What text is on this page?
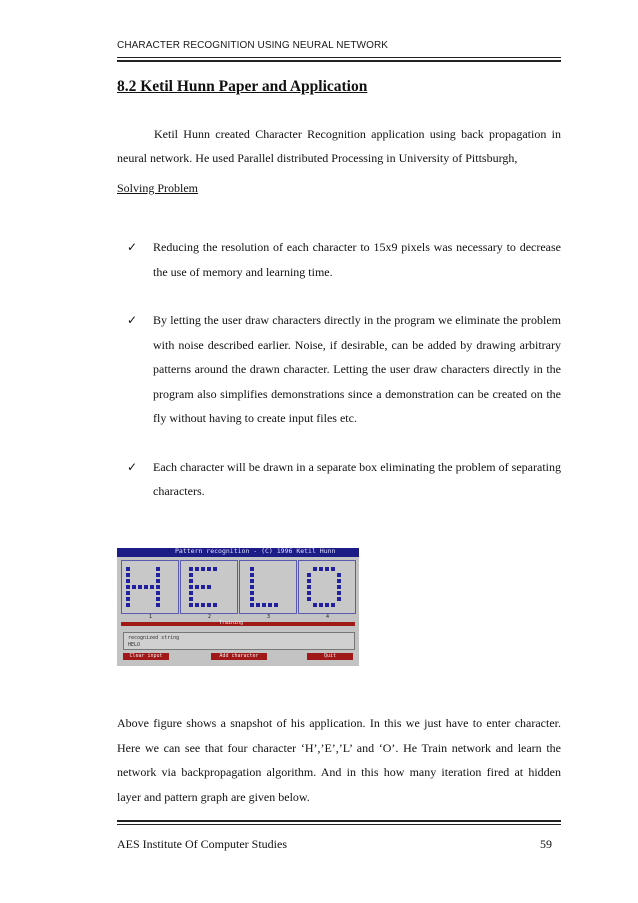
CHARACTER RECOGNITION USING NEURAL NETWORK
8.2 Ketil Hunn Paper and Application
Ketil Hunn created Character Recognition application using back propagation in neural network. He used Parallel distributed Processing in University of Pittsburgh,
Solving Problem
✓ Reducing the resolution of each character to 15x9 pixels was necessary to decrease the use of memory and learning time.
✓ By letting the user draw characters directly in the program we eliminate the problem with noise described earlier. Noise, if desirable, can be added by drawing arbitrary patterns around the drawn character. Letting the user draw characters directly in the program also simplifies demonstrations since a demonstration can be created on the fly without having to create input files etc.
✓ Each character will be drawn in a separate box eliminating the problem of separating characters.
Pattern recognition - (C) 1996 Ketil Hunn
1	2	3	4
Training
recognized string
HELO
Clear input	Add character	Quit
Above figure shows a snapshot of his application. In this we just have to enter character. Here we can see that four character ‘H’,’E’,’L’ and ‘O’. He Train network and learn the network via backpropagation algorithm. And in this how many iteration fired at hidden layer and pattern graph are given below.
AES Institute Of Computer Studies	59
